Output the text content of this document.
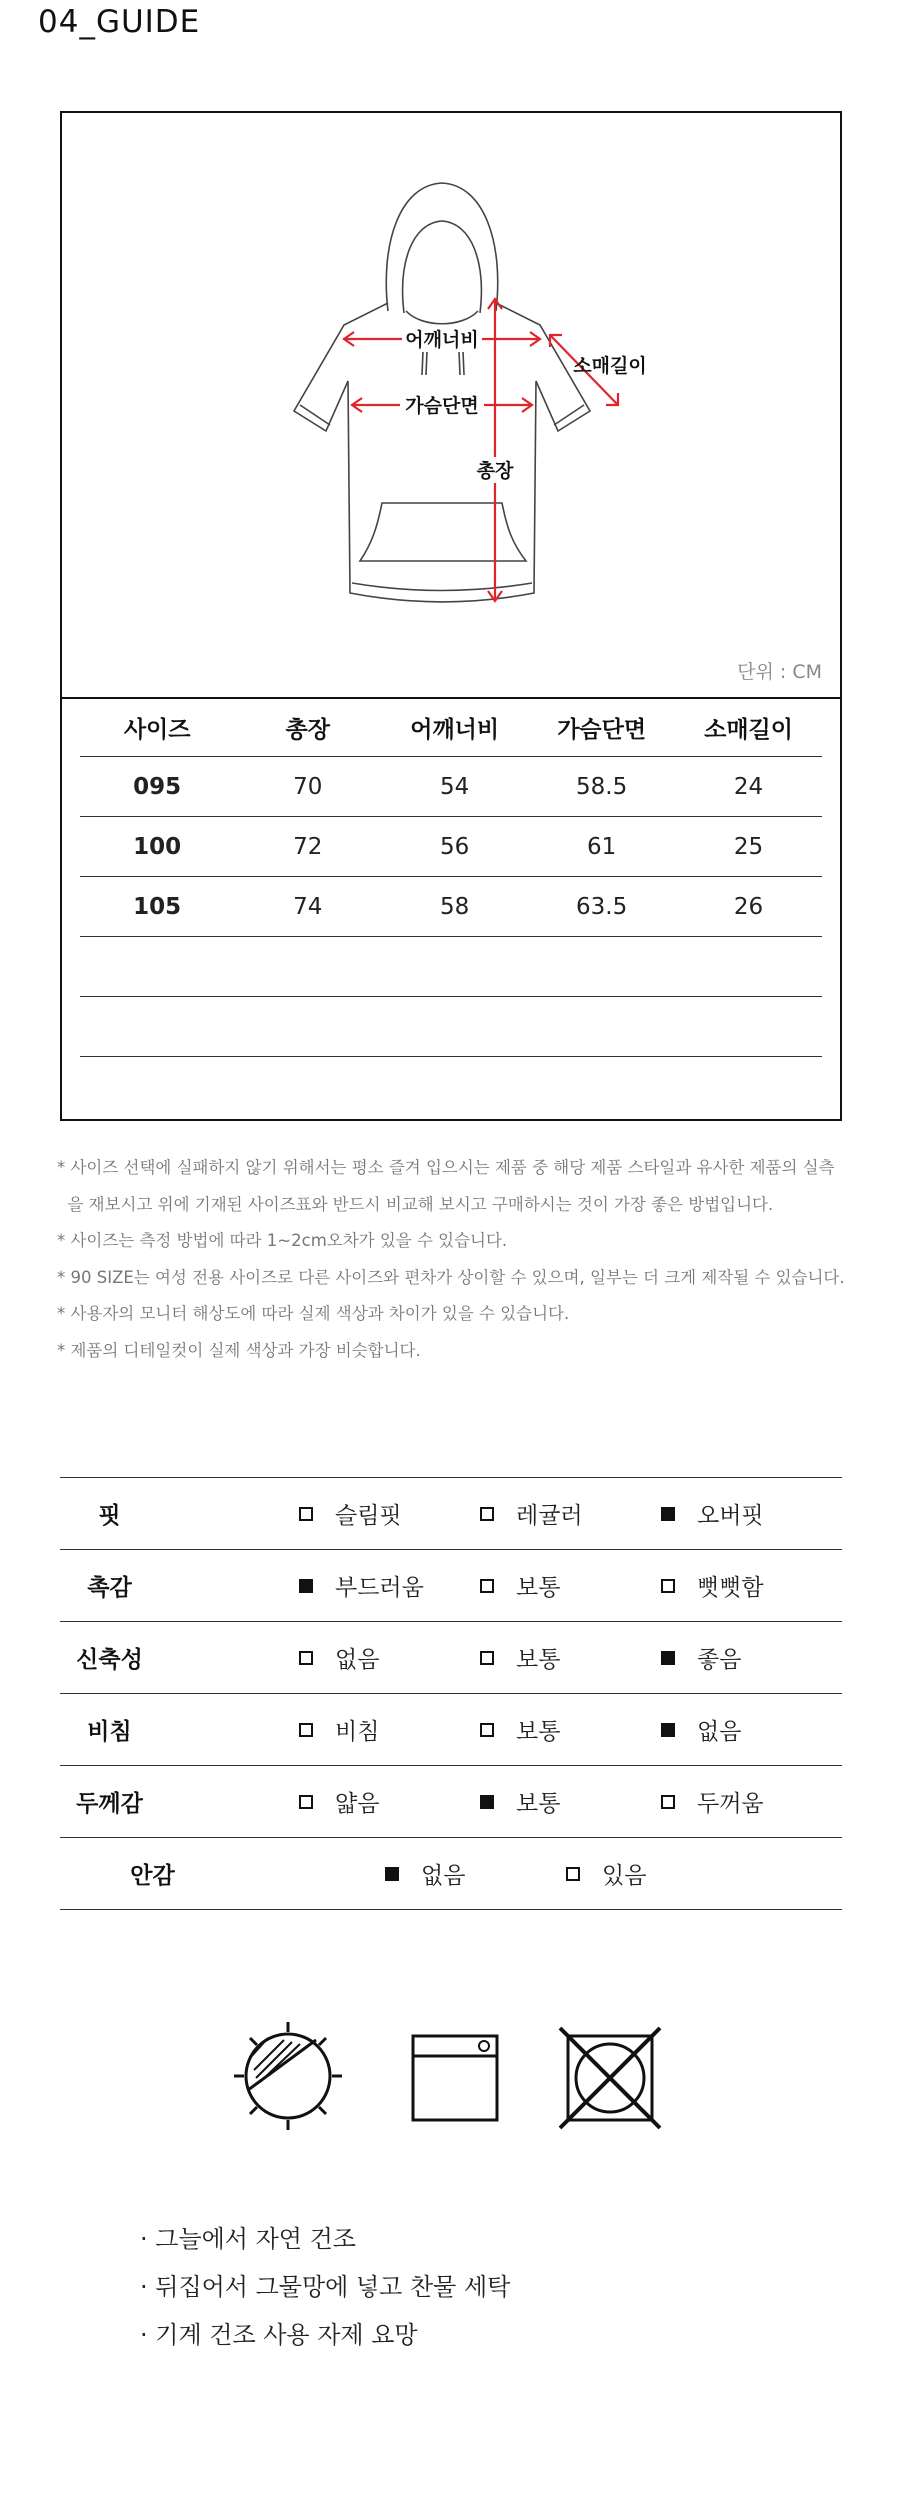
04_GUIDE
어깨너비
가슴단면
총장
소매길이
단위 : CM
사이즈	총장	어깨너비	가슴단면	소매길이
095	70	54	58.5	24
100	72	56	61	25
105	74	58	63.5	26
* 사이즈 선택에 실패하지 않기 위해서는 평소 즐겨 입으시는 제품 중 해당 제품 스타일과 유사한 제품의 실측
을 재보시고 위에 기재된 사이즈표와 반드시 비교해 보시고 구매하시는 것이 가장 좋은 방법입니다.
* 사이즈는 측정 방법에 따라 1~2cm오차가 있을 수 있습니다.
* 90 SIZE는 여성 전용 사이즈로 다른 사이즈와 편차가 상이할 수 있으며, 일부는 더 크게 제작될 수 있습니다.
* 사용자의 모니터 해상도에 따라 실제 색상과 차이가 있을 수 있습니다.
* 제품의 디테일컷이 실제 색상과 가장 비슷합니다.
핏	슬림핏	레귤러	오버핏
촉감	부드러움	보통	뻣뻣함
신축성	없음	보통	좋음
비침	비침	보통	없음
두께감	얇음	보통	두꺼움
안감	없음	있음
· 그늘에서 자연 건조
· 뒤집어서 그물망에 넣고 찬물 세탁
· 기계 건조 사용 자제 요망
